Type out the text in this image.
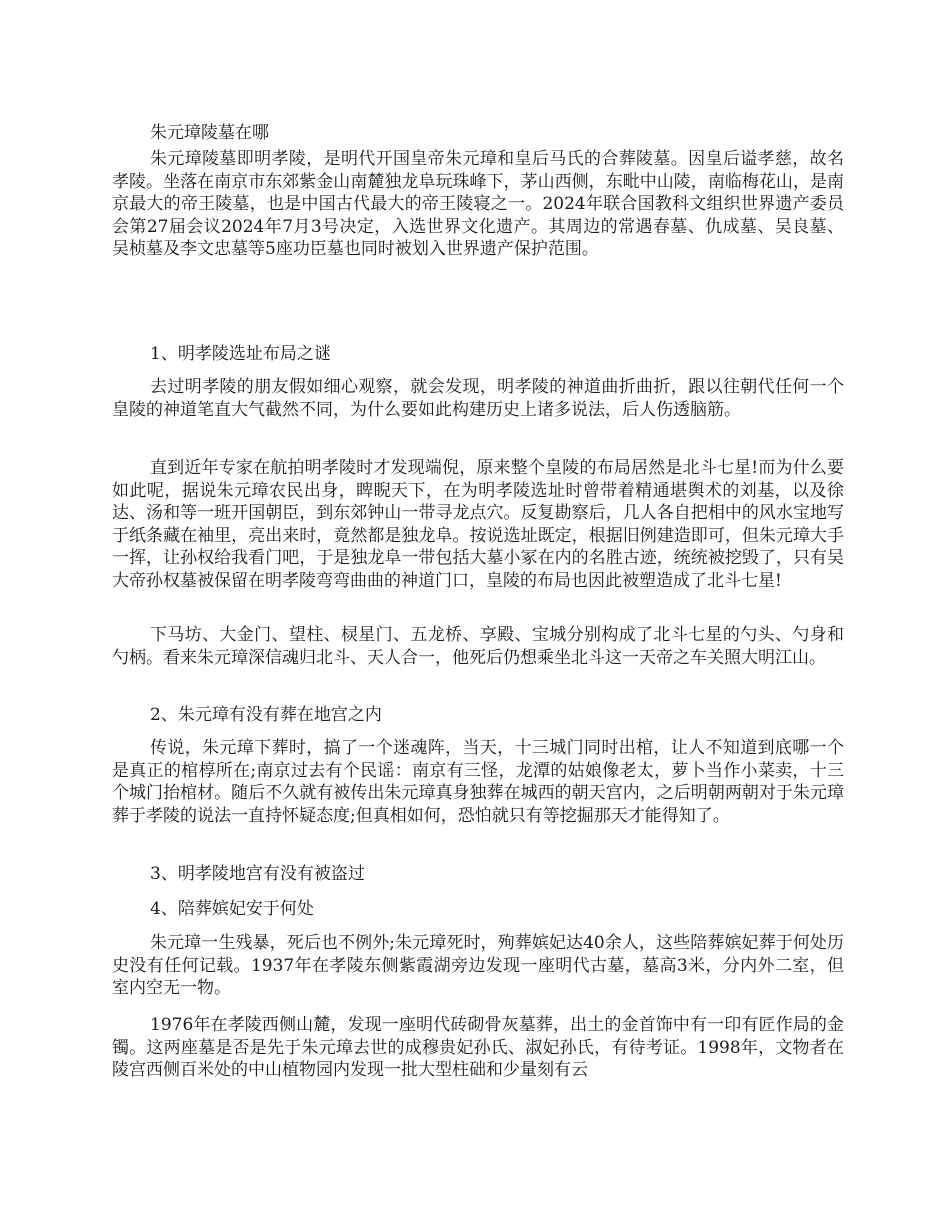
朱元璋陵墓在哪

朱元璋陵墓即明孝陵，是明代开国皇帝朱元璋和皇后马氏的合葬陵墓。因皇后谥孝慈，故名孝陵。坐落在南京市东郊紫金山南麓独龙阜玩珠峰下，茅山西侧，东毗中山陵，南临梅花山，是南京最大的帝王陵墓，也是中国古代最大的帝王陵寝之一。2024年联合国教科文组织世界遗产委员会第27届会议2024年7月3号决定，入选世界文化遗产。其周边的常遇春墓、仇成墓、吴良墓、吴桢墓及李文忠墓等5座功臣墓也同时被划入世界遗产保护范围。

1、明孝陵选址布局之谜

去过明孝陵的朋友假如细心观察，就会发现，明孝陵的神道曲折曲折，跟以往朝代任何一个皇陵的神道笔直大气截然不同，为什么要如此构建历史上诸多说法，后人伤透脑筋。

直到近年专家在航拍明孝陵时才发现端倪，原来整个皇陵的布局居然是北斗七星!而为什么要如此呢，据说朱元璋农民出身，睥睨天下，在为明孝陵选址时曾带着精通堪舆术的刘基，以及徐达、汤和等一班开国朝臣，到东郊钟山一带寻龙点穴。反复勘察后，几人各自把相中的风水宝地写于纸条藏在袖里，亮出来时，竟然都是独龙阜。按说选址既定，根据旧例建造即可，但朱元璋大手一挥，让孙权给我看门吧，于是独龙阜一带包括大墓小冢在内的名胜古迹，统统被挖毁了，只有吴大帝孙权墓被保留在明孝陵弯弯曲曲的神道门口，皇陵的布局也因此被塑造成了北斗七星!

下马坊、大金门、望柱、棂星门、五龙桥、享殿、宝城分别构成了北斗七星的勺头、勺身和勺柄。看来朱元璋深信魂归北斗、天人合一，他死后仍想乘坐北斗这一天帝之车关照大明江山。

2、朱元璋有没有葬在地宫之内

传说，朱元璋下葬时，搞了一个迷魂阵，当天，十三城门同时出棺，让人不知道到底哪一个是真正的棺椁所在;南京过去有个民谣：南京有三怪，龙潭的姑娘像老太，萝卜当作小菜卖，十三个城门抬棺材。随后不久就有被传出朱元璋真身独葬在城西的朝天宫内，之后明朝两朝对于朱元璋葬于孝陵的说法一直持怀疑态度;但真相如何，恐怕就只有等挖掘那天才能得知了。

3、明孝陵地宫有没有被盗过
4、陪葬嫔妃安于何处

朱元璋一生残暴，死后也不例外;朱元璋死时，殉葬嫔妃达40余人，这些陪葬嫔妃葬于何处历史没有任何记载。1937年在孝陵东侧紫霞湖旁边发现一座明代古墓，墓高3米，分内外二室，但室内空无一物。

1976年在孝陵西侧山麓，发现一座明代砖砌骨灰墓葬，出土的金首饰中有一印有匠作局的金镯。这两座墓是否是先于朱元璋去世的成穆贵妃孙氏、淑妃孙氏，有待考证。1998年，文物者在陵宫西侧百米处的中山植物园内发现一批大型柱础和少量刻有云
